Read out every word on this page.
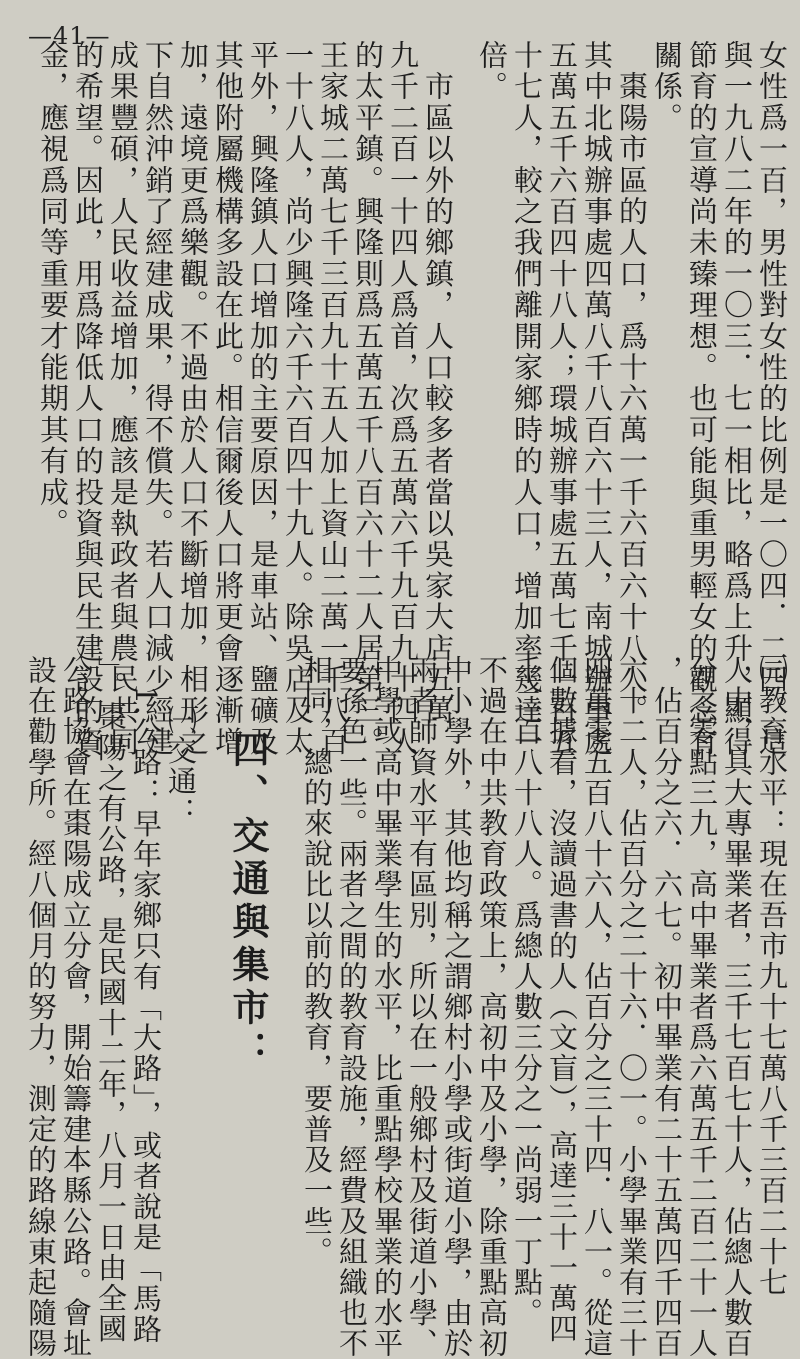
—41—
女性爲一百，男性對女性的比例是一〇四．二四。這
與一九八二年的一〇三．七一相比，略爲上升，顯得
節育的宣導尚未臻理想。也可能與重男輕女的觀念有
關係。
　棗陽市區的人口，爲十六萬一千六百六十八人。
其中北城辦事處四萬八千八百六十三人，南城辦事處
五萬五千六百四十八人；環城辦事處五萬七千一百五
十七人，較之我們離開家鄉時的人口，增加率幾達一
倍。
　市區以外的鄉鎮，人口較多者當以吳家大店五萬
九千二百一十四人爲首，次爲五萬六千九百九十四人
的太平鎮。興隆則爲五萬五千八百六十二人居第三。
王家城二萬七千三百九十五人加上資山二萬一千八百
一十八人，尚少興隆六千六百四十九人。除吳店及太
平外，興隆鎮人口增加的主要原因，是車站、鹽礦及
其他附屬機構多設在此。相信爾後人口將更會逐漸增
加，遠境更爲樂觀。不過由於人口不斷增加，相形之
下自然沖銷了經建成果，得不償失。若人口減少經建
成果豐碩，人民收益增加，應該是執政者與農民共同
的希望。因此，用爲降低人口的投資與民生建設的資
金，應視爲同等重要才能期其有成。
㈢教育水平：現在吾市九十七萬八千三百二十七
人中，具大專畢業者，三千七百七十人，佔總人數百
分之零點三九，高中畢業者爲六萬五千二百二十一人
，佔百分之六．六七。初中畢業有二十五萬四千四百
六十二人，佔百分之二十六．〇一。小學畢業有三十
四萬零五百八十六人，佔百分之三十四．八一。從這
個數據看，沒讀過書的人（文盲），高達三十一萬四
千二百八十八人。爲總人數三分之一尚弱一丁點。
不過在中共教育政策上，高初中及小學，除重點高初
中小學外，其他均稱之謂鄉村小學或街道小學，由於
兩者師資水平有區別，所以在一般鄉村及街道小學、
中學或高中畢業學生的水平，比重點學校畢業的水平
要孫色一些。兩者之間的教育設施，經費及組織也不
相同，總的來說比以前的教育，要普及一些。
四、交通與集市：
㈠交通：
　1.公路：早年家鄉只有「大路」，或者說是「馬路
」。棗陽之有公路，是民國十二年，八月一日由全國
公路協會在棗陽成立分會，開始籌建本縣公路。會址
設在勸學所。經八個月的努力，測定的路線東起隨陽
